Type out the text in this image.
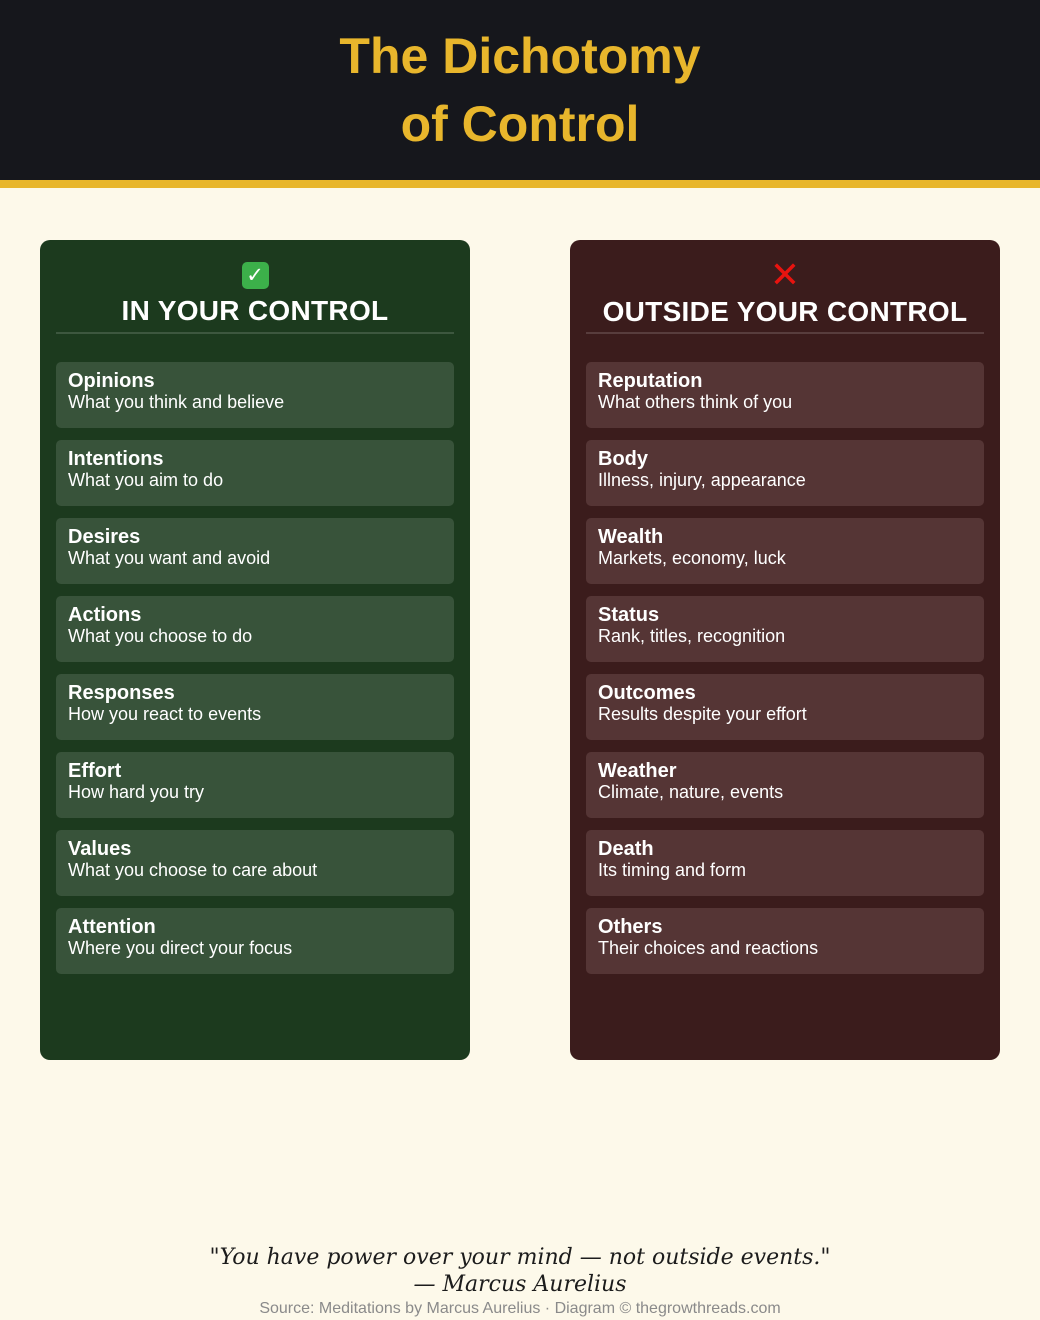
The Dichotomy
of Control
✓
IN YOUR CONTROL
Opinions
What you think and believe
Intentions
What you aim to do
Desires
What you want and avoid
Actions
What you choose to do
Responses
How you react to events
Effort
How hard you try
Values
What you choose to care about
Attention
Where you direct your focus
✕
OUTSIDE YOUR CONTROL
Reputation
What others think of you
Body
Illness, injury, appearance
Wealth
Markets, economy, luck
Status
Rank, titles, recognition
Outcomes
Results despite your effort
Weather
Climate, nature, events
Death
Its timing and form
Others
Their choices and reactions
"You have power over your mind — not outside events."
— Marcus Aurelius
Source: Meditations by Marcus Aurelius · Diagram © thegrowthreads.com
